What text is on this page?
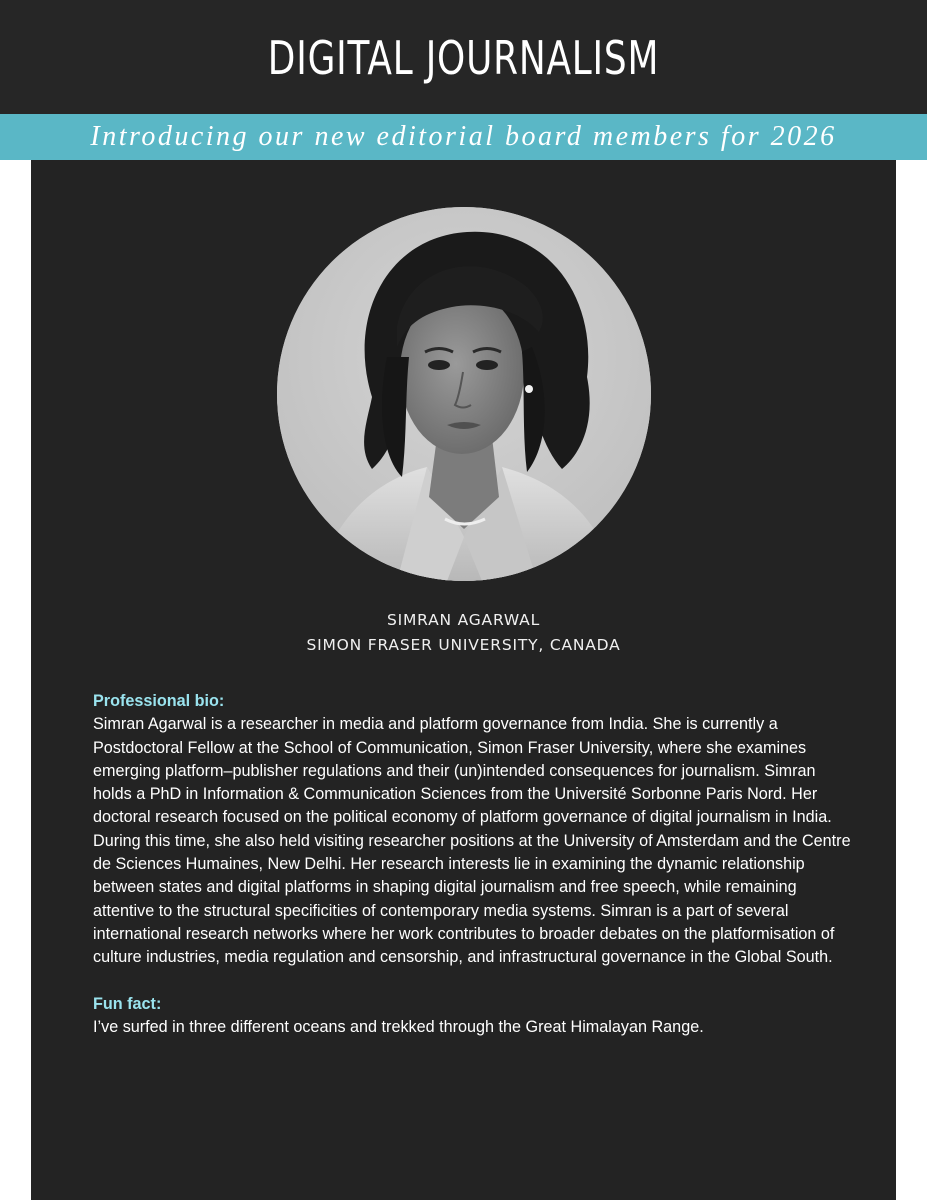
DIGITAL JOURNALISM

Introducing our new editorial board members for 2026

SIMRAN AGARWAL
SIMON FRASER UNIVERSITY, CANADA
Professional bio:

Simran Agarwal is a researcher in media and platform governance from India. She is currently a Postdoctoral Fellow at the School of Communication, Simon Fraser University, where she examines emerging platform–publisher regulations and their (un)intended consequences for journalism. Simran holds a PhD in Information & Communication Sciences from the Université Sorbonne Paris Nord. Her doctoral research focused on the political economy of platform governance of digital journalism in India. During this time, she also held visiting researcher positions at the University of Amsterdam and the Centre de Sciences Humaines, New Delhi. Her research interests lie in examining the dynamic relationship between states and digital platforms in shaping digital journalism and free speech, while remaining attentive to the structural specificities of contemporary media systems. Simran is a part of several international research networks where her work contributes to broader debates on the platformisation of culture industries, media regulation and censorship, and infrastructural governance in the Global South.

Fun fact:

I’ve surfed in three different oceans and trekked through the Great Himalayan Range.
